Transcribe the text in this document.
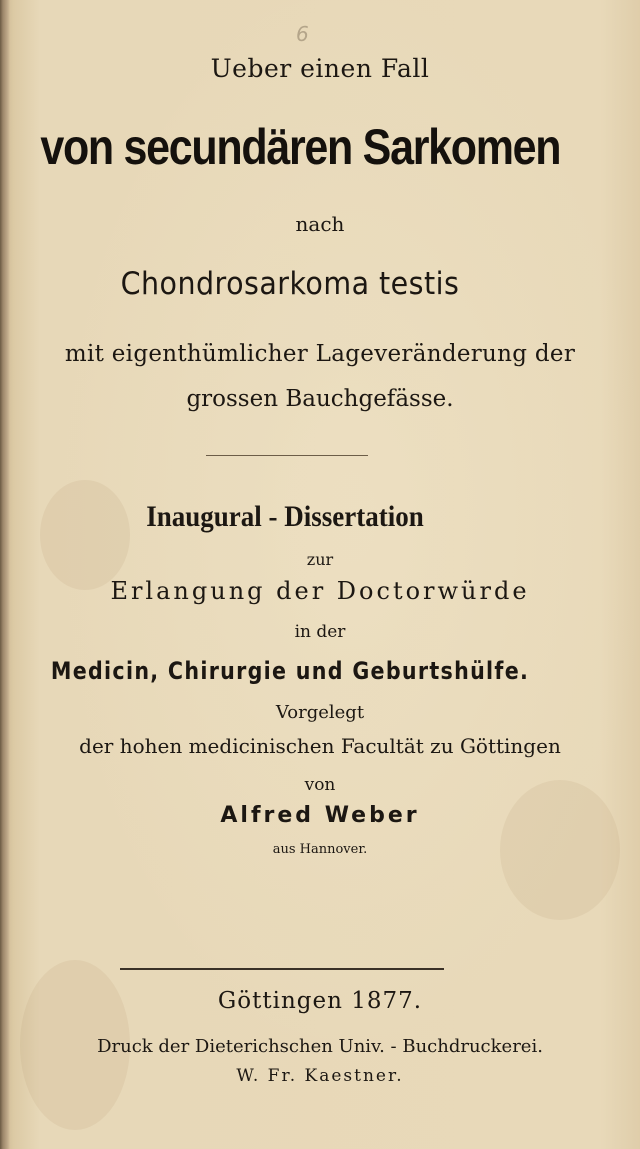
6
Ueber einen Fall
von secundären Sarkomen
nach
Chondrosarkoma testis
mit eigenthümlicher Lageveränderung der
grossen Bauchgefässe.
Inaugural - Dissertation
zur
Erlangung der Doctorwürde
in der
Medicin, Chirurgie und Geburtshülfe.
Vorgelegt
der hohen medicinischen Facultät zu Göttingen
von
Alfred Weber
aus Hannover.
Göttingen 1877.
Druck der Dieterichschen Univ. - Buchdruckerei.
W. Fr. Kaestner.
